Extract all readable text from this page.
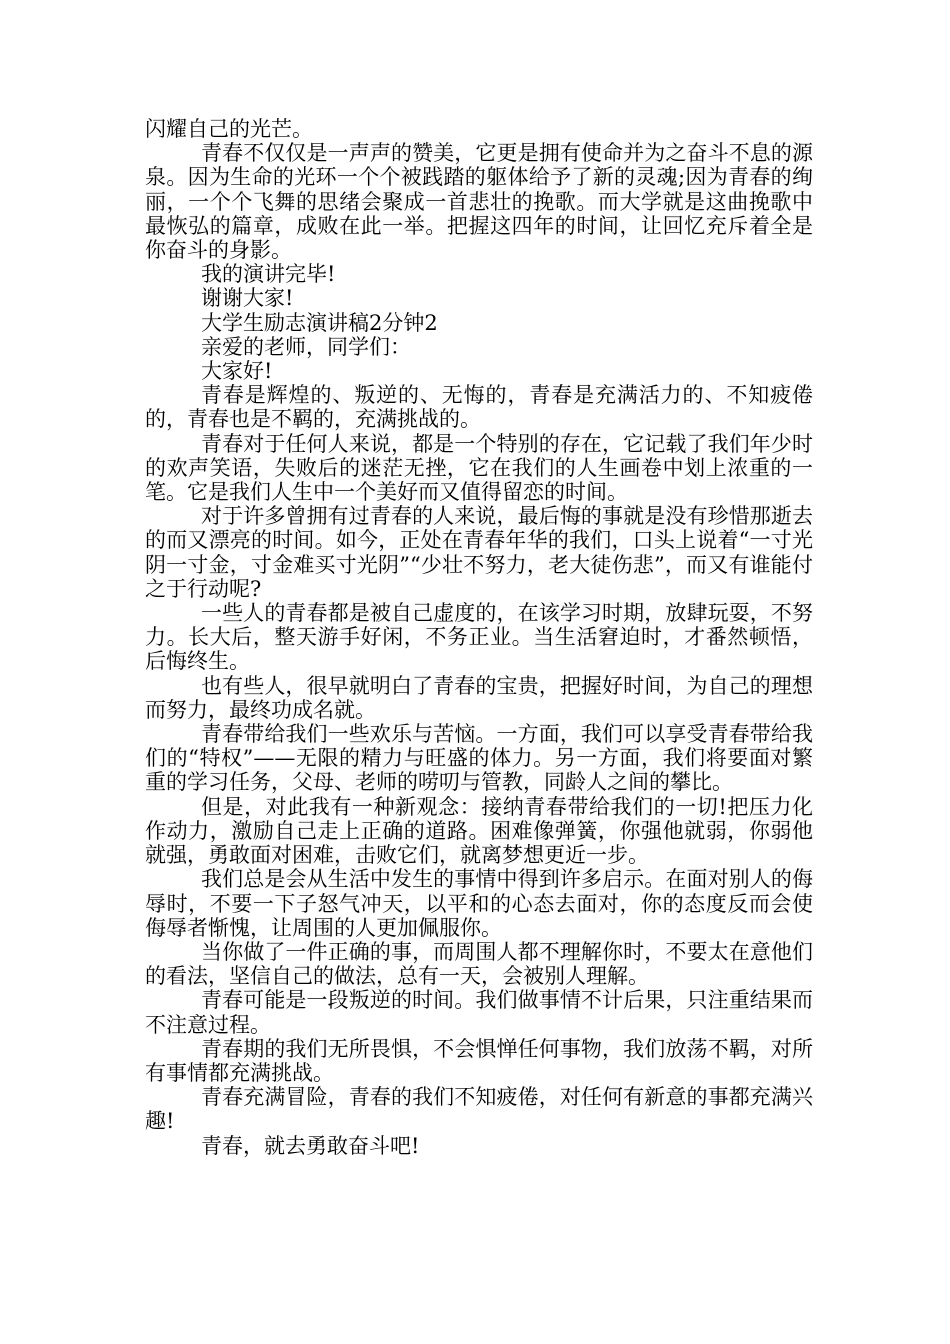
闪耀自己的光芒。

青春不仅仅是一声声的赞美，它更是拥有使命并为之奋斗不息的源泉。因为生命的光环一个个被践踏的躯体给予了新的灵魂;因为青春的绚丽，一个个飞舞的思绪会聚成一首悲壮的挽歌。而大学就是这曲挽歌中最恢弘的篇章，成败在此一举。把握这四年的时间，让回忆充斥着全是你奋斗的身影。

我的演讲完毕!

谢谢大家!

大学生励志演讲稿2分钟2

亲爱的老师，同学们：

大家好!

青春是辉煌的、叛逆的、无悔的，青春是充满活力的、不知疲倦的，青春也是不羁的，充满挑战的。

青春对于任何人来说，都是一个特别的存在，它记载了我们年少时的欢声笑语，失败后的迷茫无挫，它在我们的人生画卷中划上浓重的一笔。它是我们人生中一个美好而又值得留恋的时间。

对于许多曾拥有过青春的人来说，最后悔的事就是没有珍惜那逝去的而又漂亮的时间。如今，正处在青春年华的我们，口头上说着“一寸光阴一寸金，寸金难买寸光阴”“少壮不努力，老大徒伤悲”，而又有谁能付之于行动呢?

一些人的青春都是被自己虚度的，在该学习时期，放肆玩耍，不努力。长大后，整天游手好闲，不务正业。当生活窘迫时，才番然顿悟，后悔终生。

也有些人，很早就明白了青春的宝贵，把握好时间，为自己的理想而努力，最终功成名就。

青春带给我们一些欢乐与苦恼。一方面，我们可以享受青春带给我们的“特权”——无限的精力与旺盛的体力。另一方面，我们将要面对繁重的学习任务，父母、老师的唠叨与管教，同龄人之间的攀比。

但是，对此我有一种新观念：接纳青春带给我们的一切!把压力化作动力，激励自己走上正确的道路。困难像弹簧，你强他就弱，你弱他就强，勇敢面对困难，击败它们，就离梦想更近一步。

我们总是会从生活中发生的事情中得到许多启示。在面对别人的侮辱时，不要一下子怒气冲天，以平和的心态去面对，你的态度反而会使侮辱者惭愧，让周围的人更加佩服你。

当你做了一件正确的事，而周围人都不理解你时，不要太在意他们的看法，坚信自己的做法，总有一天，会被别人理解。

青春可能是一段叛逆的时间。我们做事情不计后果，只注重结果而不注意过程。

青春期的我们无所畏惧，不会惧惮任何事物，我们放荡不羁，对所有事情都充满挑战。

青春充满冒险，青春的我们不知疲倦，对任何有新意的事都充满兴趣!

青春，就去勇敢奋斗吧!
